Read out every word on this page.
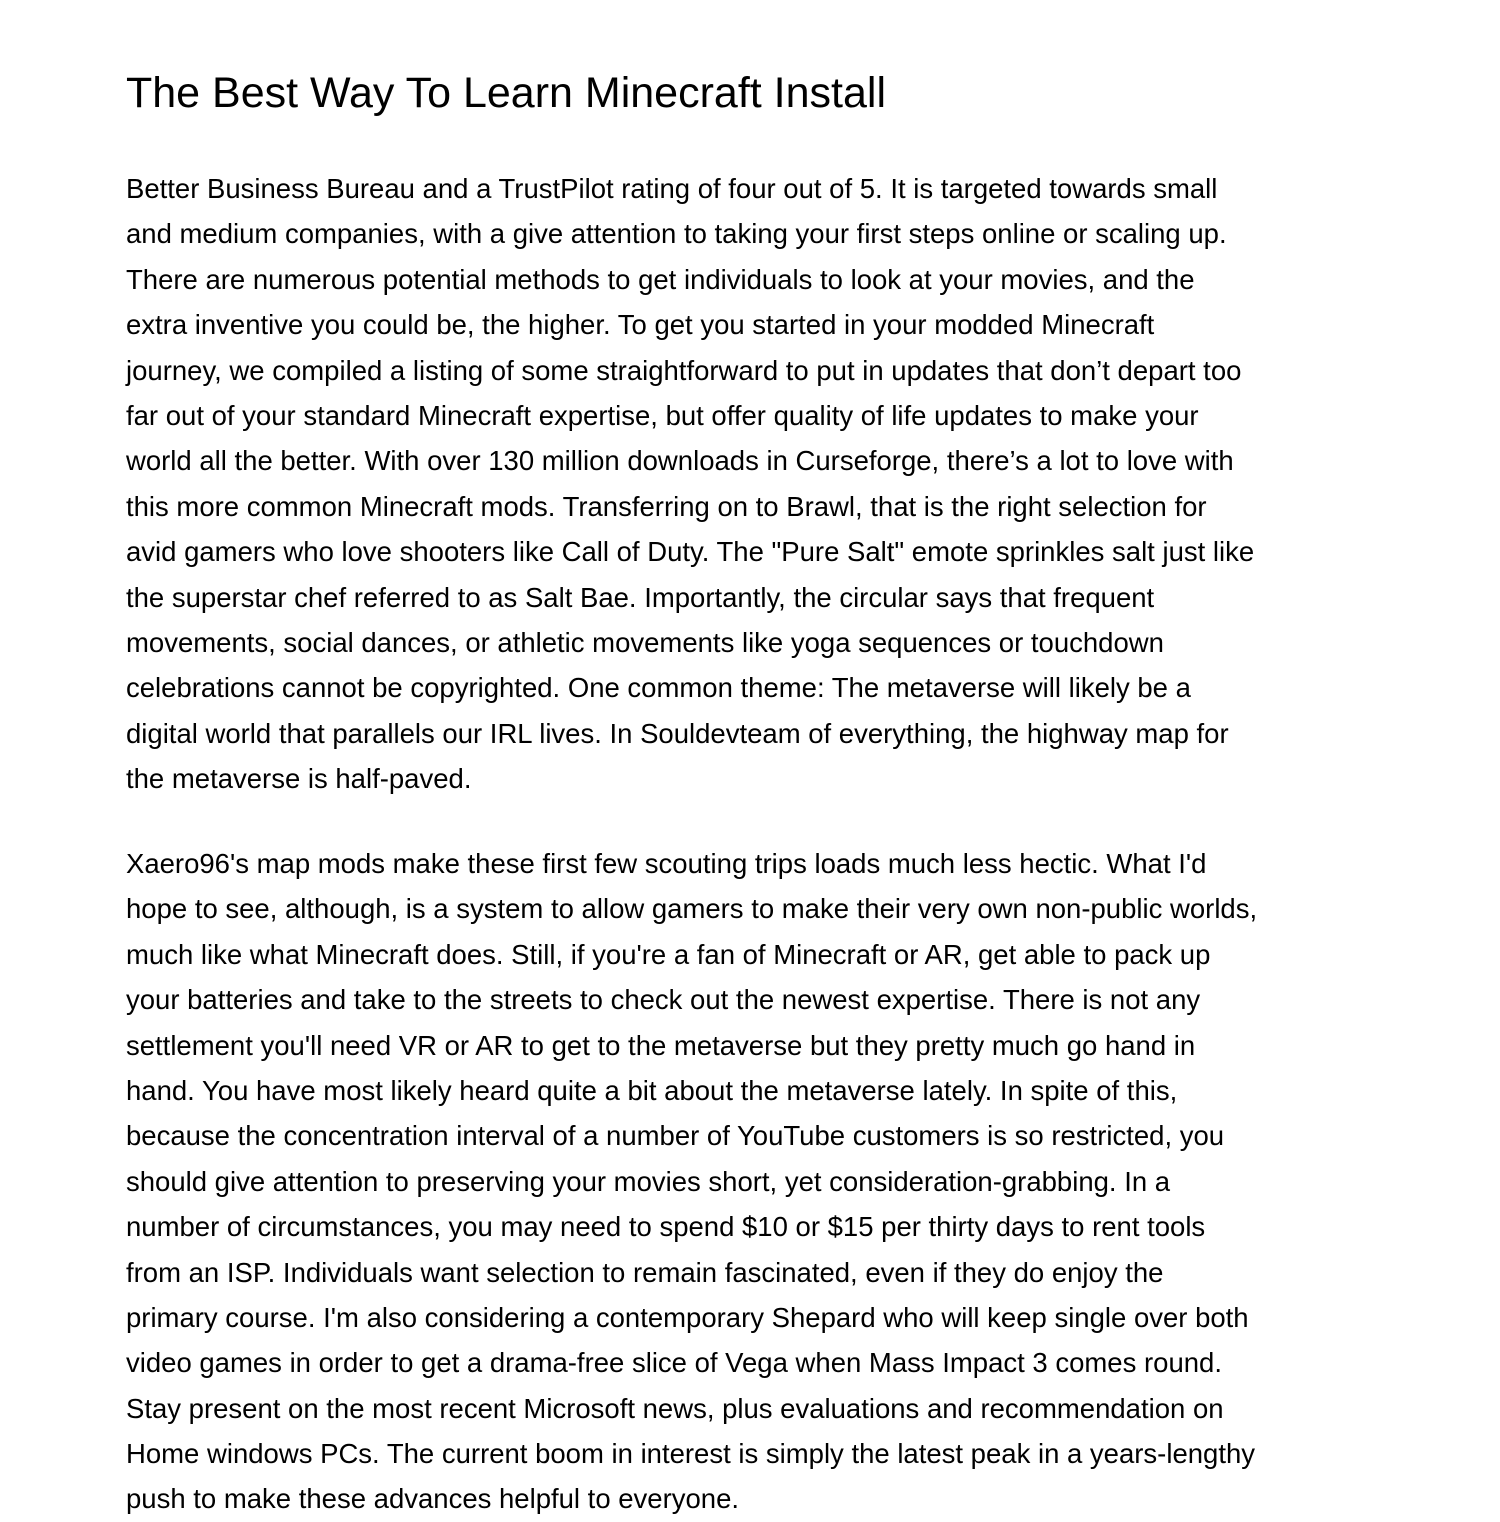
The Best Way To Learn Minecraft Install

Better Business Bureau and a TrustPilot rating of four out of 5. It is targeted towards small
and medium companies, with a give attention to taking your first steps online or scaling up.
There are numerous potential methods to get individuals to look at your movies, and the
extra inventive you could be, the higher. To get you started in your modded Minecraft
journey, we compiled a listing of some straightforward to put in updates that don’t depart too
far out of your standard Minecraft expertise, but offer quality of life updates to make your
world all the better. With over 130 million downloads in Curseforge, there’s a lot to love with
this more common Minecraft mods. Transferring on to Brawl, that is the right selection for
avid gamers who love shooters like Call of Duty. The "Pure Salt" emote sprinkles salt just like
the superstar chef referred to as Salt Bae. Importantly, the circular says that frequent
movements, social dances, or athletic movements like yoga sequences or touchdown
celebrations cannot be copyrighted. One common theme: The metaverse will likely be a
digital world that parallels our IRL lives. In Souldevteam of everything, the highway map for
the metaverse is half-paved.

Xaero96's map mods make these first few scouting trips loads much less hectic. What I'd
hope to see, although, is a system to allow gamers to make their very own non-public worlds,
much like what Minecraft does. Still, if you're a fan of Minecraft or AR, get able to pack up
your batteries and take to the streets to check out the newest expertise. There is not any
settlement you'll need VR or AR to get to the metaverse but they pretty much go hand in
hand. You have most likely heard quite a bit about the metaverse lately. In spite of this,
because the concentration interval of a number of YouTube customers is so restricted, you
should give attention to preserving your movies short, yet consideration-grabbing. In a
number of circumstances, you may need to spend $10 or $15 per thirty days to rent tools
from an ISP. Individuals want selection to remain fascinated, even if they do enjoy the
primary course. I'm also considering a contemporary Shepard who will keep single over both
video games in order to get a drama-free slice of Vega when Mass Impact 3 comes round.
Stay present on the most recent Microsoft news, plus evaluations and recommendation on
Home windows PCs. The current boom in interest is simply the latest peak in a years-lengthy
push to make these advances helpful to everyone.
